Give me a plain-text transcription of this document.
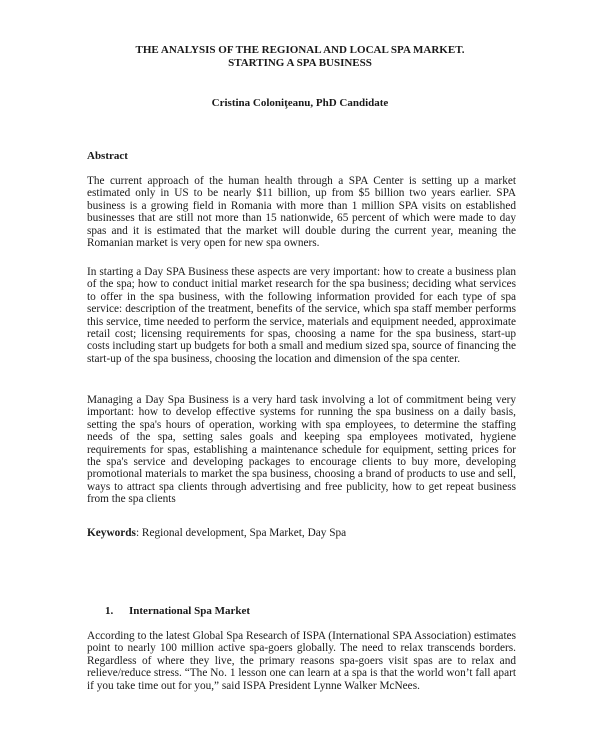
THE ANALYSIS OF THE REGIONAL AND LOCAL SPA MARKET.
STARTING A SPA BUSINESS
Cristina Coloniţeanu, PhD Candidate
Abstract

The current approach of the human health through a SPA Center is setting up a market estimated only in US to be nearly $11 billion, up from $5 billion two years earlier. SPA business is a growing field in Romania with more than 1 million SPA visits on established businesses that are still not more than 15 nationwide, 65 percent of which were made to day spas and it is estimated that the market will double during the current year, meaning the Romanian market is very open for new spa owners.

In starting a Day SPA Business these aspects are very important: how to create a business plan of the spa; how to conduct initial market research for the spa business; deciding what services to offer in the spa business, with the following information provided for each type of spa service: description of the treatment, benefits of the service, which spa staff member performs this service, time needed to perform the service, materials and equipment needed, approximate retail cost; licensing requirements for spas, choosing a name for the spa business, start-up costs including start up budgets for both a small and medium sized spa, source of financing the start-up of the spa business, choosing the location and dimension of the spa center.

Managing a Day Spa Business is a very hard task involving a lot of commitment being very important: how to develop effective systems for running the spa business on a daily basis, setting the spa's hours of operation, working with spa employees, to determine the staffing needs of the spa, setting sales goals and keeping spa employees motivated, hygiene requirements for spas, establishing a maintenance schedule for equipment, setting prices for the spa's service and developing packages to encourage clients to buy more, developing promotional materials to market the spa business, choosing a brand of products to use and sell, ways to attract spa clients through advertising and free publicity, how to get repeat business from the spa clients

Keywords: Regional development, Spa Market, Day Spa
1. International Spa Market

According to the latest Global Spa Research of ISPA (International SPA Association) estimates point to nearly 100 million active spa-goers globally. The need to relax transcends borders. Regardless of where they live, the primary reasons spa-goers visit spas are to relax and relieve/reduce stress. “The No. 1 lesson one can learn at a spa is that the world won’t fall apart if you take time out for you,” said ISPA President Lynne Walker McNees.
